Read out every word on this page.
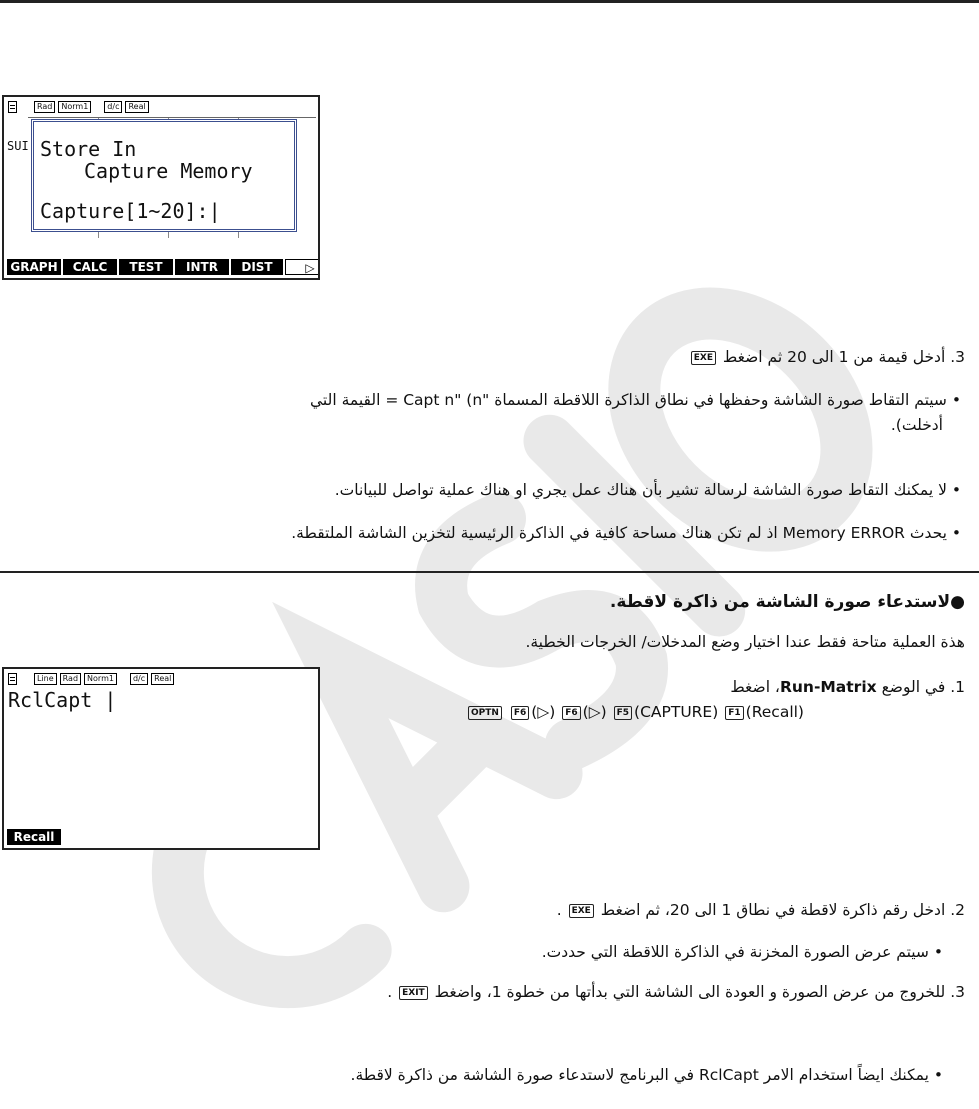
Rad	Norm1	d/c	Real
SUI Store In
Capture Memory
Capture[1~20]:|
GRAPH	CALC	TEST	INTR	DIST	▷
3. أدخل قيمة من 1 الى 20 ثم اضغط EXE
• سيتم التقاط صورة الشاشة وحفظها في نطاق الذاكرة اللاقطة المسماة "Capt n" (n = القيمة التي
أدخلت).
• لا يمكنك التقاط صورة الشاشة لرسالة تشير بأن هناك عمل يجري او هناك عملية تواصل للبيانات.
• يحدث Memory ERROR اذ لم تكن هناك مساحة كافية في الذاكرة الرئيسية لتخزين الشاشة الملتقطة.
●لاستدعاء صورة الشاشة من ذاكرة لاقطة.
هذة العملية متاحة فقط عندا اختيار وضع المدخلات/ الخرجات الخطية.
Line	Rad	Norm1	d/c	Real
RclCapt |
Recall
1. في الوضع Run-Matrix، اضغط
OPTN F6 (▷) F6 (▷) F5 (CAPTURE) F1 (Recall)
2. ادخل رقم ذاكرة لاقطة في نطاق 1 الى 20، ثم اضغط EXE .
• سيتم عرض الصورة المخزنة في الذاكرة اللاقطة التي حددت.
3. للخروج من عرض الصورة و العودة الى الشاشة التي بدأتها من خطوة 1، واضغط EXIT .
• يمكنك ايضاً استخدام الامر RclCapt في البرنامج لاستدعاء صورة الشاشة من ذاكرة لاقطة.
